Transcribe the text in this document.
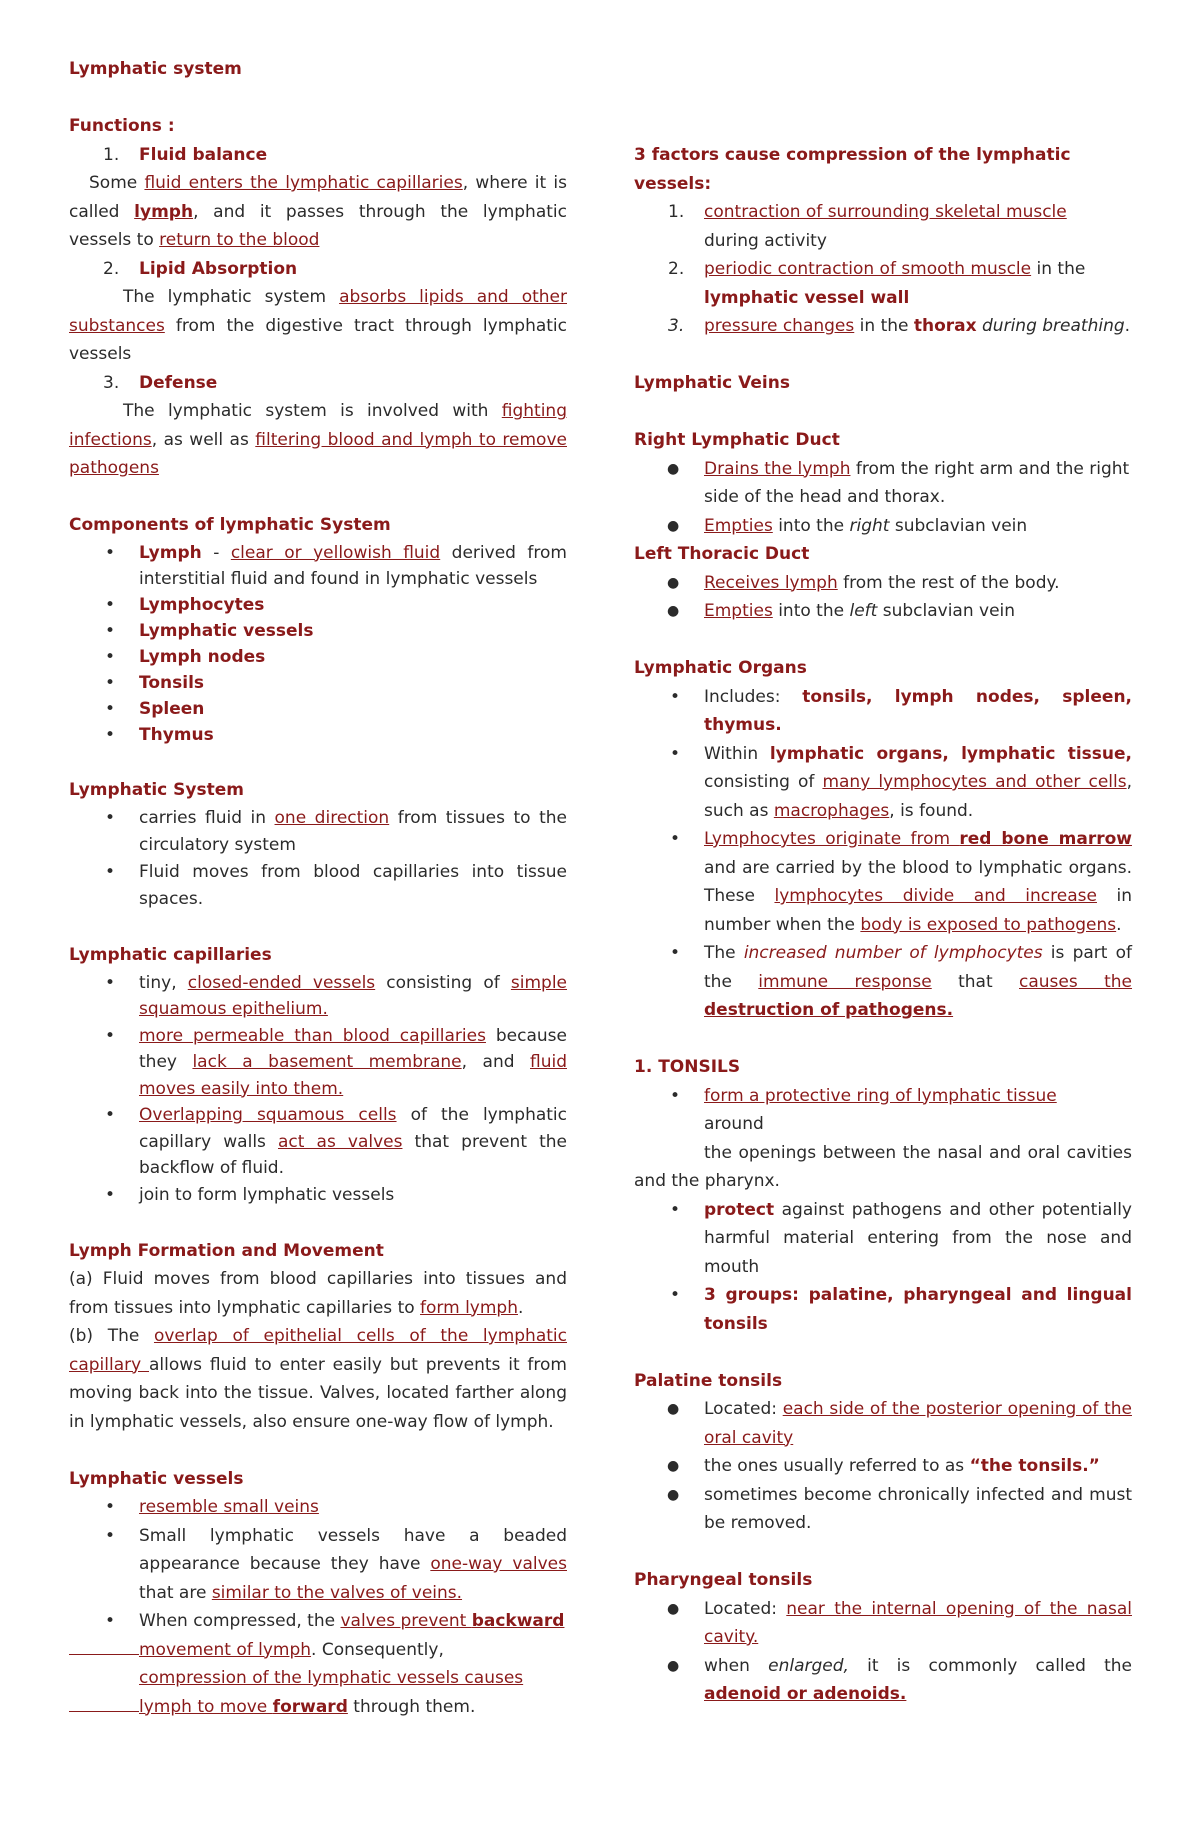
Lymphatic system

Functions :

1. Fluid balance

Some fluid enters the lymphatic capillaries, where it is called lymph, and it passes through the lymphatic vessels to return to the blood

2. Lipid Absorption

The lymphatic system absorbs lipids and other substances from the digestive tract through lymphatic vessels

3. Defense

The lymphatic system is involved with fighting infections, as well as filtering blood and lymph to remove pathogens

Components of lymphatic System

• Lymph - clear or yellowish fluid derived from interstitial fluid and found in lymphatic vessels
• Lymphocytes
• Lymphatic vessels
• Lymph nodes
• Tonsils
• Spleen
• Thymus

Lymphatic System

• carries fluid in one direction from tissues to the circulatory system
• Fluid moves from blood capillaries into tissue spaces.

Lymphatic capillaries

• tiny, closed-ended vessels consisting of simple squamous epithelium.
• more permeable than blood capillaries because they lack a basement membrane, and fluid moves easily into them.
• Overlapping squamous cells of the lymphatic capillary walls act as valves that prevent the backflow of fluid.
• join to form lymphatic vessels

Lymph Formation and Movement

(a) Fluid moves from blood capillaries into tissues and from tissues into lymphatic capillaries to form lymph.

(b) The overlap of epithelial cells of the lymphatic capillary allows fluid to enter easily but prevents it from moving back into the tissue. Valves, located farther along in lymphatic vessels, also ensure one-way flow of lymph.

Lymphatic vessels

• resemble small veins
• Small lymphatic vessels have a beaded appearance because they have one-way valves that are similar to the valves of veins.
• When compressed, the valves prevent backward
movement of lymph. Consequently,
compression of the lymphatic vessels causes
lymph to move forward through them.

3 factors cause compression of the lymphatic vessels:

1. contraction of surrounding skeletal muscle
during activity
2. periodic contraction of smooth muscle in the lymphatic vessel wall
3. pressure changes in the thorax during breathing.

Lymphatic Veins

Right Lymphatic Duct

● Drains the lymph from the right arm and the right side of the head and thorax.
● Empties into the right subclavian vein

Left Thoracic Duct

● Receives lymph from the rest of the body.
● Empties into the left subclavian vein

Lymphatic Organs

• Includes: tonsils, lymph nodes, spleen, thymus.
• Within lymphatic organs, lymphatic tissue, consisting of many lymphocytes and other cells, such as macrophages, is found.
• Lymphocytes originate from red bone marrow and are carried by the blood to lymphatic organs. These lymphocytes divide and increase in number when the body is exposed to pathogens.
• The increased number of lymphocytes is part of the immune response that causes the destruction of pathogens.

1. TONSILS

• form a protective ring of lymphatic tissue
around

the openings between the nasal and oral cavities and the pharynx.

• protect against pathogens and other potentially harmful material entering from the nose and mouth
• 3 groups: palatine, pharyngeal and lingual tonsils

Palatine tonsils

● Located: each side of the posterior opening of the oral cavity
● the ones usually referred to as “the tonsils.”
● sometimes become chronically infected and must be removed.

Pharyngeal tonsils

● Located: near the internal opening of the nasal cavity.
● when enlarged, it is commonly called the adenoid or adenoids.
